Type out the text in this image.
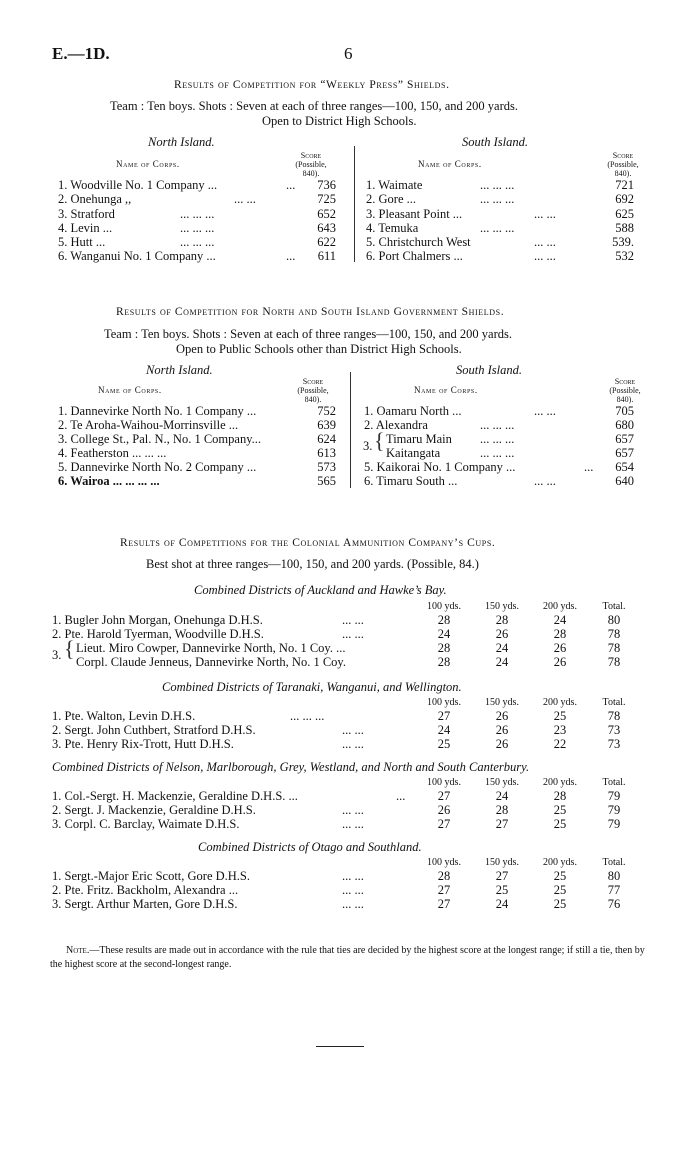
E.—1D.	6
Results of Competition for “Weekly Press” Shields.
Team : Ten boys. Shots : Seven at each of three ranges—100, 150, and 200 yards.
Open to District High Schools.
North Island.	South Island.
Name of Corps.
Score
(Possible,
840).
Name of Corps.
Score
(Possible,
840).
1. Woodville No. 1 Company ...	...	736
2. Onehunga ,,	... ...	725
3. Stratford	... ... ...	652
4. Levin ...	... ... ...	643
5. Hutt ...	... ... ...	622
6. Wanganui No. 1 Company ...	...	611
1. Waimate	... ... ...	721
2. Gore ...	... ... ...	692
3. Pleasant Point ...	... ...	625
4. Temuka	... ... ...	588
5. Christchurch West	... ...	539.
6. Port Chalmers ...	... ...	532
Results of Competition for North and South Island Government Shields.
Team : Ten boys. Shots : Seven at each of three ranges—100, 150, and 200 yards.
Open to Public Schools other than District High Schools.
North Island.	South Island.
Name of Corps.
Score
(Possible,
840).
Name of Corps.
Score
(Possible,
840).
1. Dannevirke North No. 1 Company ...	752
2. Te Aroha-Waihou-Morrinsville ...	639
3. College St., Pal. N., No. 1 Company...	624
4. Featherston ... ... ...	613
5. Dannevirke North No. 2 Company ...	573
6. Wairoa ... ... ... ...	565
1. Oamaru North ...	... ...	705
2. Alexandra	... ... ...	680
3. { Timaru Main ... ... ...	657
Kaitangata	... ... ...	657
5. Kaikorai No. 1 Company ...	...	654
6. Timaru South ...	... ...	640
Results of Competitions for the Colonial Ammunition Company’s Cups.
Best shot at three ranges—100, 150, and 200 yards. (Possible, 84.)
Combined Districts of Auckland and Hawke’s Bay.
100 yds.	150 yds.	200 yds.	Total.
1. Bugler John Morgan, Onehunga D.H.S.	... ...	28	28	24	80
2. Pte. Harold Tyerman, Woodville D.H.S.	... ...	24	26	28	78
3. { Lieut. Miro Cowper, Dannevirke North, No. 1 Coy. ...	28	24	26	78
Corpl. Claude Jenneus, Dannevirke North, No. 1 Coy.	28	24	26	78
Combined Districts of Taranaki, Wanganui, and Wellington.
100 yds.	150 yds.	200 yds.	Total.
1. Pte. Walton, Levin D.H.S.	... ... ...	27	26	25	78
2. Sergt. John Cuthbert, Stratford D.H.S.	... ...	24	26	23	73
3. Pte. Henry Rix-Trott, Hutt D.H.S.	... ...	25	26	22	73
Combined Districts of Nelson, Marlborough, Grey, Westland, and North and South Canterbury.
100 yds.	150 yds.	200 yds.	Total.
1. Col.-Sergt. H. Mackenzie, Geraldine D.H.S. ...	...	27	24	28	79
2. Sergt. J. Mackenzie, Geraldine D.H.S.	... ...	26	28	25	79
3. Corpl. C. Barclay, Waimate D.H.S.	... ...	27	27	25	79
Combined Districts of Otago and Southland.
100 yds.	150 yds.	200 yds.	Total.
1. Sergt.-Major Eric Scott, Gore D.H.S.	... ...	28	27	25	80
2. Pte. Fritz. Backholm, Alexandra ...	... ...	27	25	25	77
3. Sergt. Arthur Marten, Gore D.H.S.	... ...	27	24	25	76
Note.—These results are made out in accordance with the rule that ties are decided by the highest score at the longest range; if still a tie, then by the highest score at the second-longest range.
